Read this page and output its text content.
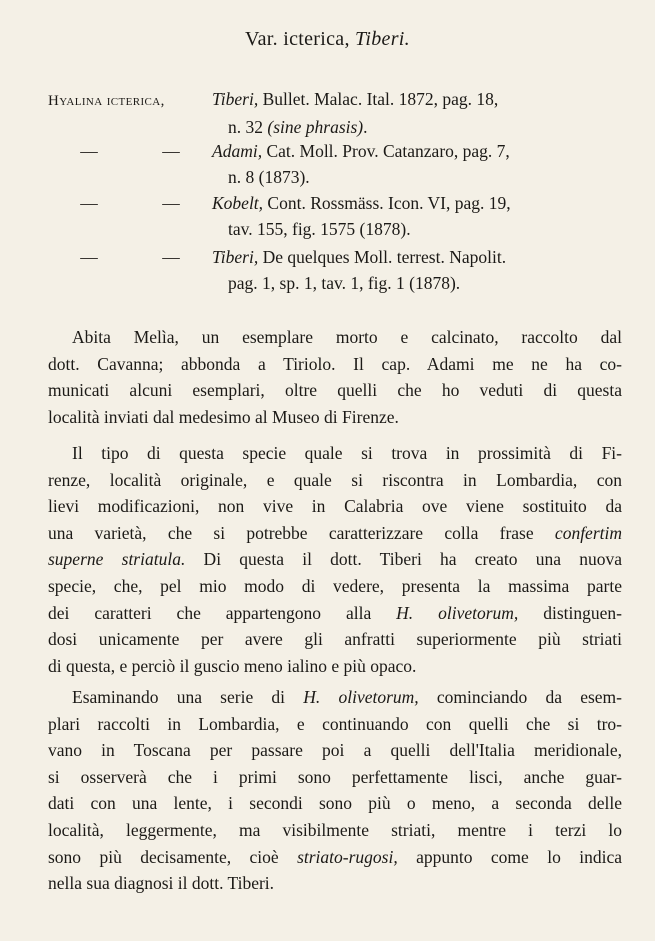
Var. icterica, Tiberi.
Hyalina icterica,	Tiberi, Bullet. Malac. Ital. 1872, pag. 18,
n. 32 (sine phrasis).
—	— Adami, Cat. Moll. Prov. Catanzaro, pag. 7,
n. 8 (1873).
—	— Kobelt, Cont. Rossmäss. Icon. VI, pag. 19,
tav. 155, fig. 1575 (1878).
—	— Tiberi, De quelques Moll. terrest. Napolit.
pag. 1, sp. 1, tav. 1, fig. 1 (1878).
Abita Melìa, un esemplare morto e calcinato, raccolto dal
dott. Cavanna; abbonda a Tiriolo. Il cap. Adami me ne ha co-
municati alcuni esemplari, oltre quelli che ho veduti di questa
località inviati dal medesimo al Museo di Firenze.
Il tipo di questa specie quale si trova in prossimità di Fi-
renze, località originale, e quale si riscontra in Lombardia, con
lievi modificazioni, non vive in Calabria ove viene sostituito da
una varietà, che si potrebbe caratterizzare colla frase confertim
superne striatula. Di questa il dott. Tiberi ha creato una nuova
specie, che, pel mio modo di vedere, presenta la massima parte
dei caratteri che appartengono alla H. olivetorum, distinguen-
dosi unicamente per avere gli anfratti superiormente più striati
di questa, e perciò il guscio meno ialino e più opaco.
Esaminando una serie di H. olivetorum, cominciando da esem-
plari raccolti in Lombardia, e continuando con quelli che si tro-
vano in Toscana per passare poi a quelli dell'Italia meridionale,
si osserverà che i primi sono perfettamente lisci, anche guar-
dati con una lente, i secondi sono più o meno, a seconda delle
località, leggermente, ma visibilmente striati, mentre i terzi lo
sono più decisamente, cioè striato-rugosi, appunto come lo indica
nella sua diagnosi il dott. Tiberi.
